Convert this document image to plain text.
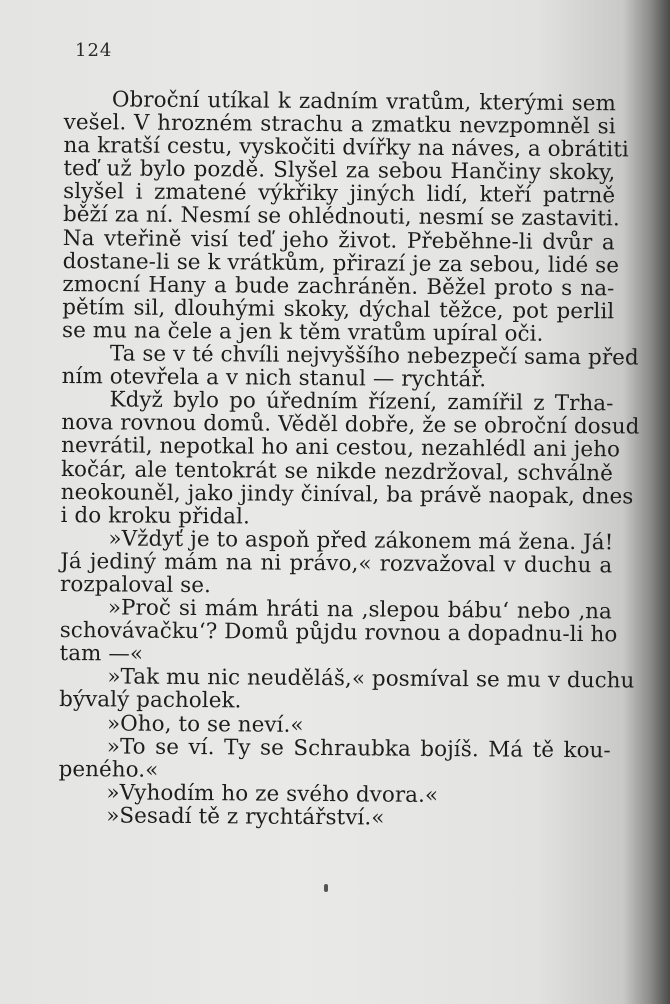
124
Obroční utíkal k zadním vratům, kterými sem
vešel. V hrozném strachu a zmatku nevzpomněl si
na kratší cestu, vyskočiti dvířky na náves, a obrátiti
teď už bylo pozdě. Slyšel za sebou Hančiny skoky,
slyšel i zmatené výkřiky jiných lidí, kteří patrně
běží za ní. Nesmí se ohlédnouti, nesmí se zastaviti.
Na vteřině visí teď jeho život. Přeběhne-li dvůr a
dostane-li se k vrátkům, přirazí je za sebou, lidé se
zmocní Hany a bude zachráněn. Běžel proto s na-
pětím sil, dlouhými skoky, dýchal těžce, pot perlil
se mu na čele a jen k těm vratům upíral oči.
Ta se v té chvíli nejvyššího nebezpečí sama před
ním otevřela a v nich stanul — rychtář.
Když bylo po úředním řízení, zamířil z Trha-
nova rovnou domů. Věděl dobře, že se obroční dosud
nevrátil, nepotkal ho ani cestou, nezahlédl ani jeho
kočár, ale tentokrát se nikde nezdržoval, schválně
neokouněl, jako jindy činíval, ba právě naopak, dnes
i do kroku přidal.
»Vždyť je to aspoň před zákonem má žena. Já!
Já jediný mám na ni právo,« rozvažoval v duchu a
rozpaloval se.
»Proč si mám hráti na ‚slepou bábu‘ nebo ‚na
schovávačku‘? Domů půjdu rovnou a dopadnu-li ho
tam —«
»Tak mu nic neuděláš,« posmíval se mu v duchu
bývalý pacholek.
»Oho, to se neví.«
»To se ví. Ty se Schraubka bojíš. Má tě kou-
peného.«
»Vyhodím ho ze svého dvora.«
»Sesadí tě z rychtářství.«
